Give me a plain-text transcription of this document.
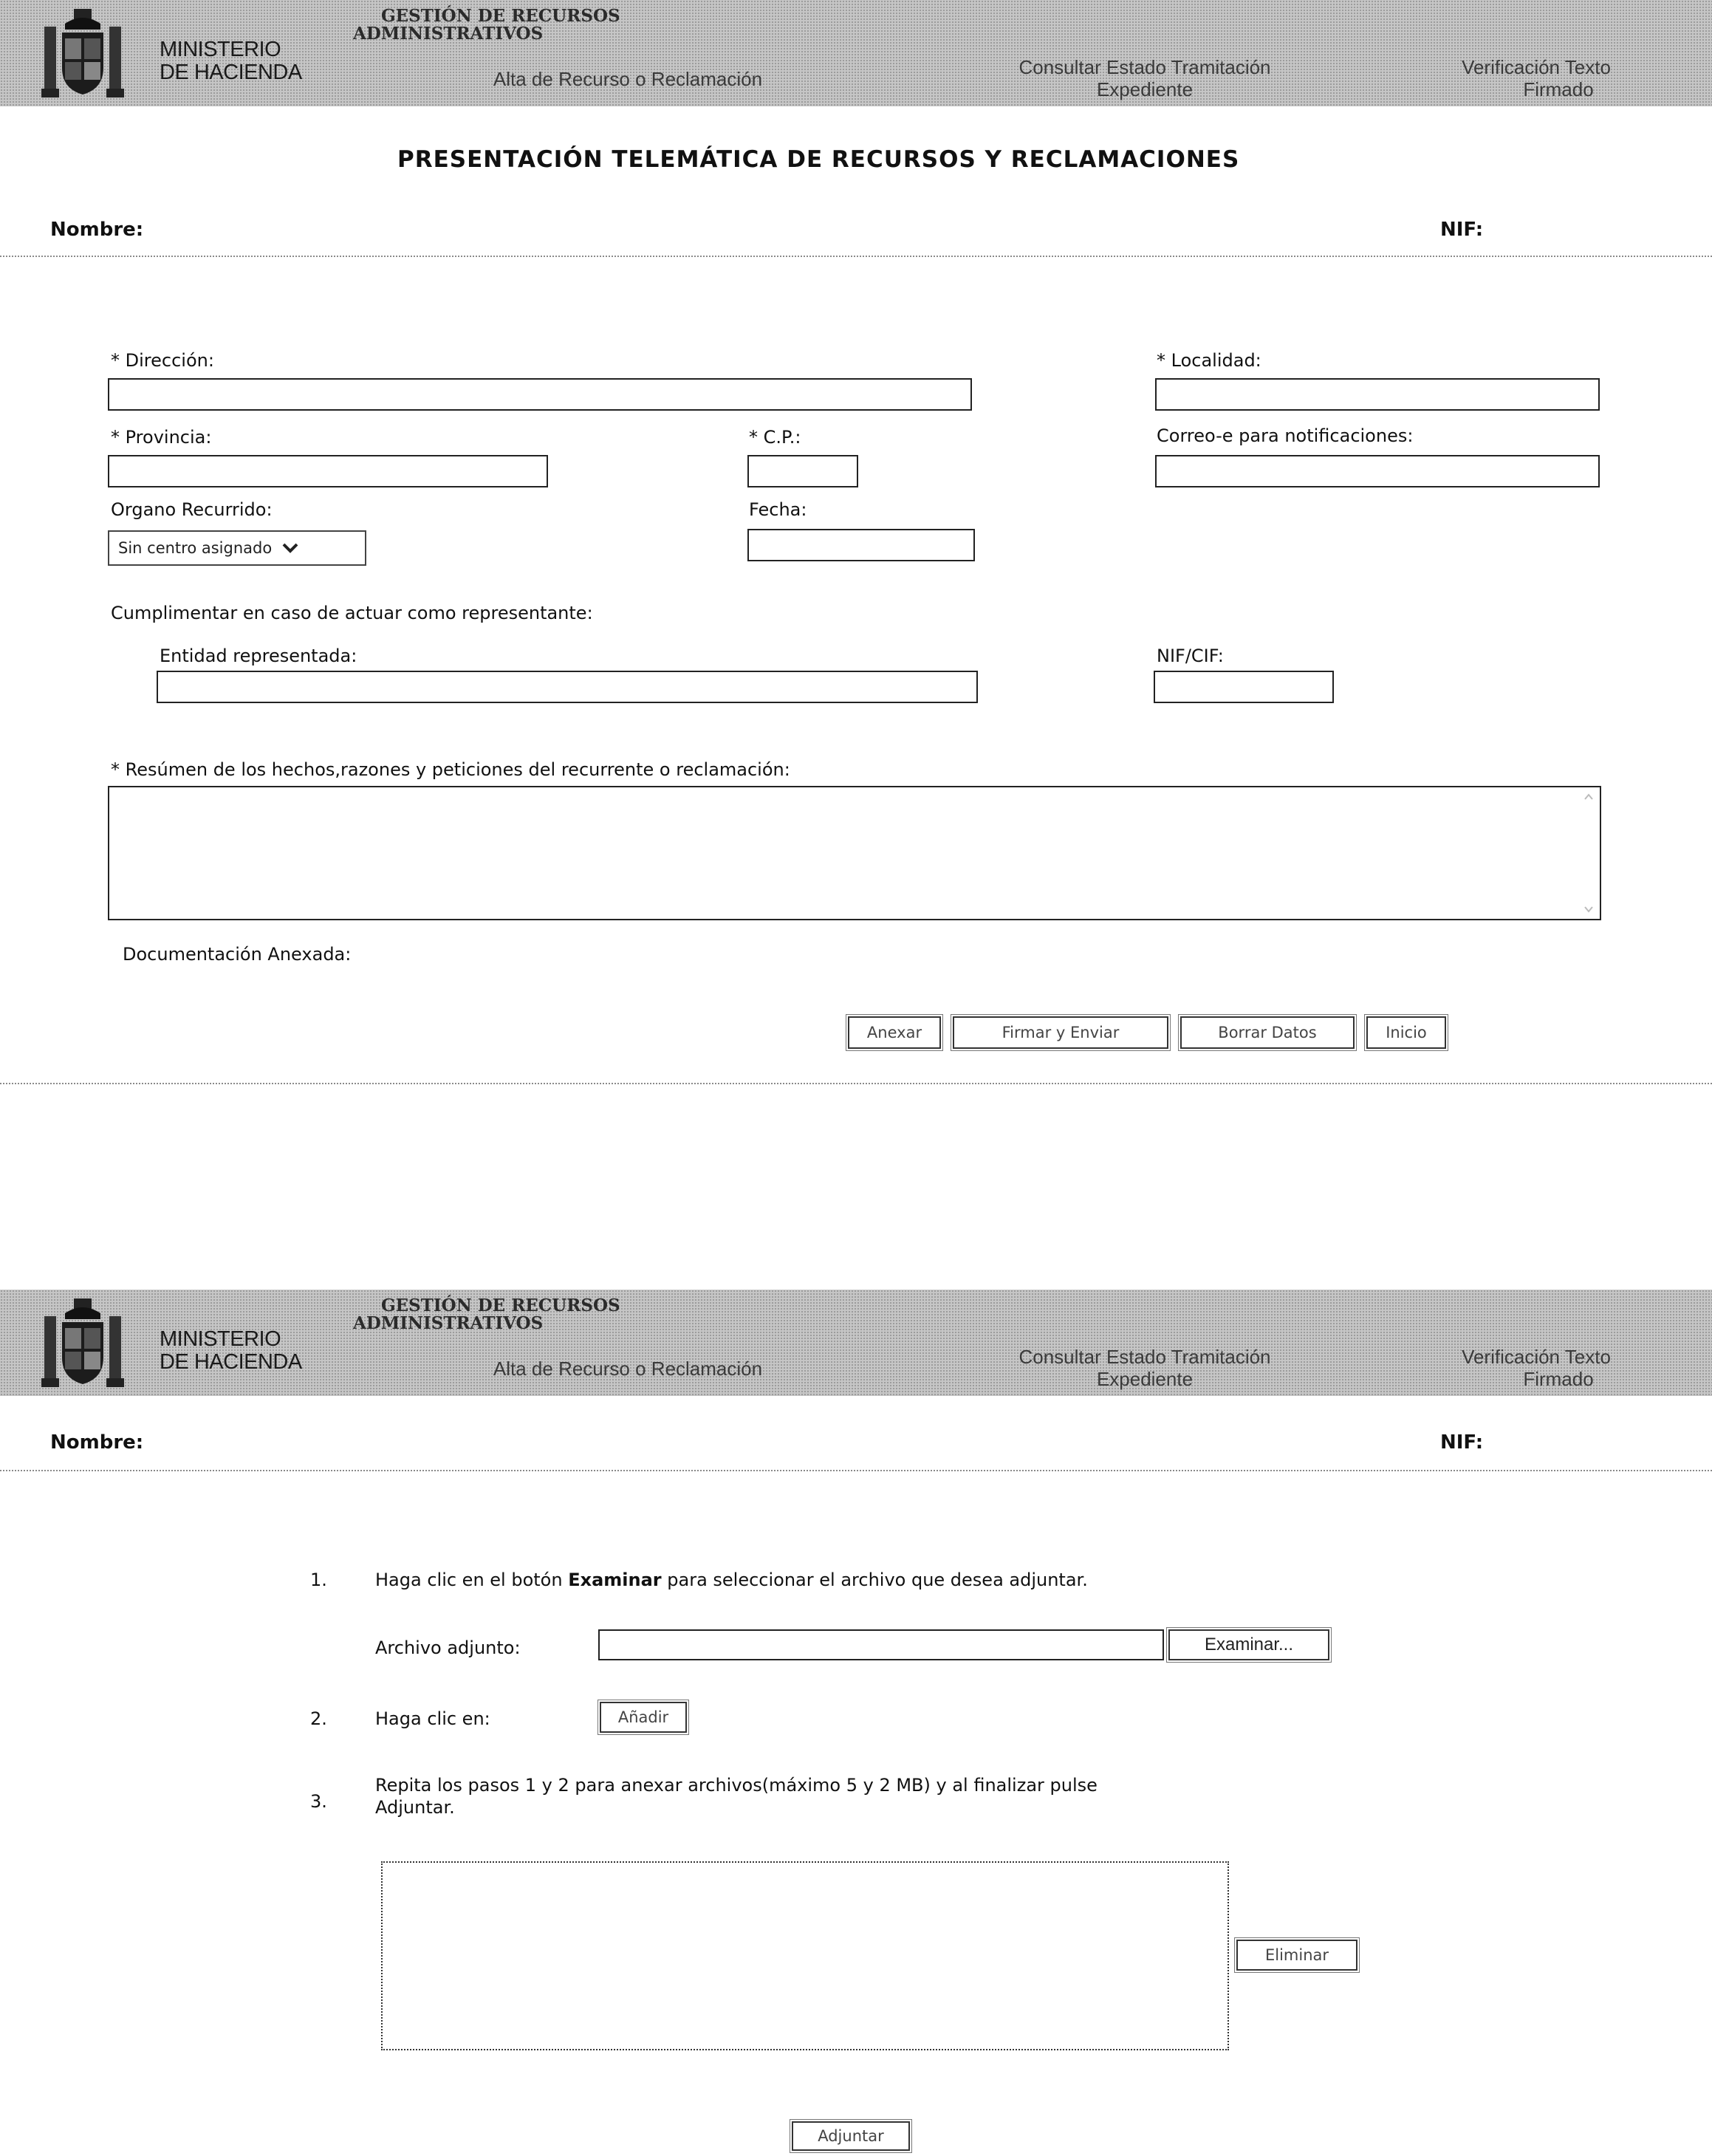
MINISTERIO
DE HACIENDA
GESTIÓN DE RECURSOS
ADMINISTRATIVOS
Alta de Recurso o Reclamación
Consultar Estado Tramitación
Expediente
Verificación Texto
Firmado
PRESENTACIÓN TELEMÁTICA DE RECURSOS Y RECLAMACIONES
Nombre:	NIF:
* Dirección:	* Localidad:
* Provincia:	* C.P.:	Correo-e para notificaciones:
Organo Recurrido:
Sin centro asignado
Fecha:
Cumplimentar en caso de actuar como representante:
Entidad representada:	NIF/CIF:
* Resúmen de los hechos,razones y peticiones del recurrente o reclamación:
Documentación Anexada:
Anexar	Firmar y Enviar	Borrar Datos	Inicio
MINISTERIO
DE HACIENDA
GESTIÓN DE RECURSOS
ADMINISTRATIVOS
Alta de Recurso o Reclamación
Consultar Estado Tramitación
Expediente
Verificación Texto
Firmado
Nombre:	NIF:
1.	Haga clic en el botón Examinar para seleccionar el archivo que desea adjuntar.
Archivo adjunto:	Examinar...
2.	Haga clic en:	Añadir
3.
Repita los pasos 1 y 2 para anexar archivos(máximo 5 y 2 MB) y al finalizar pulse
Adjuntar.
Eliminar
Adjuntar
